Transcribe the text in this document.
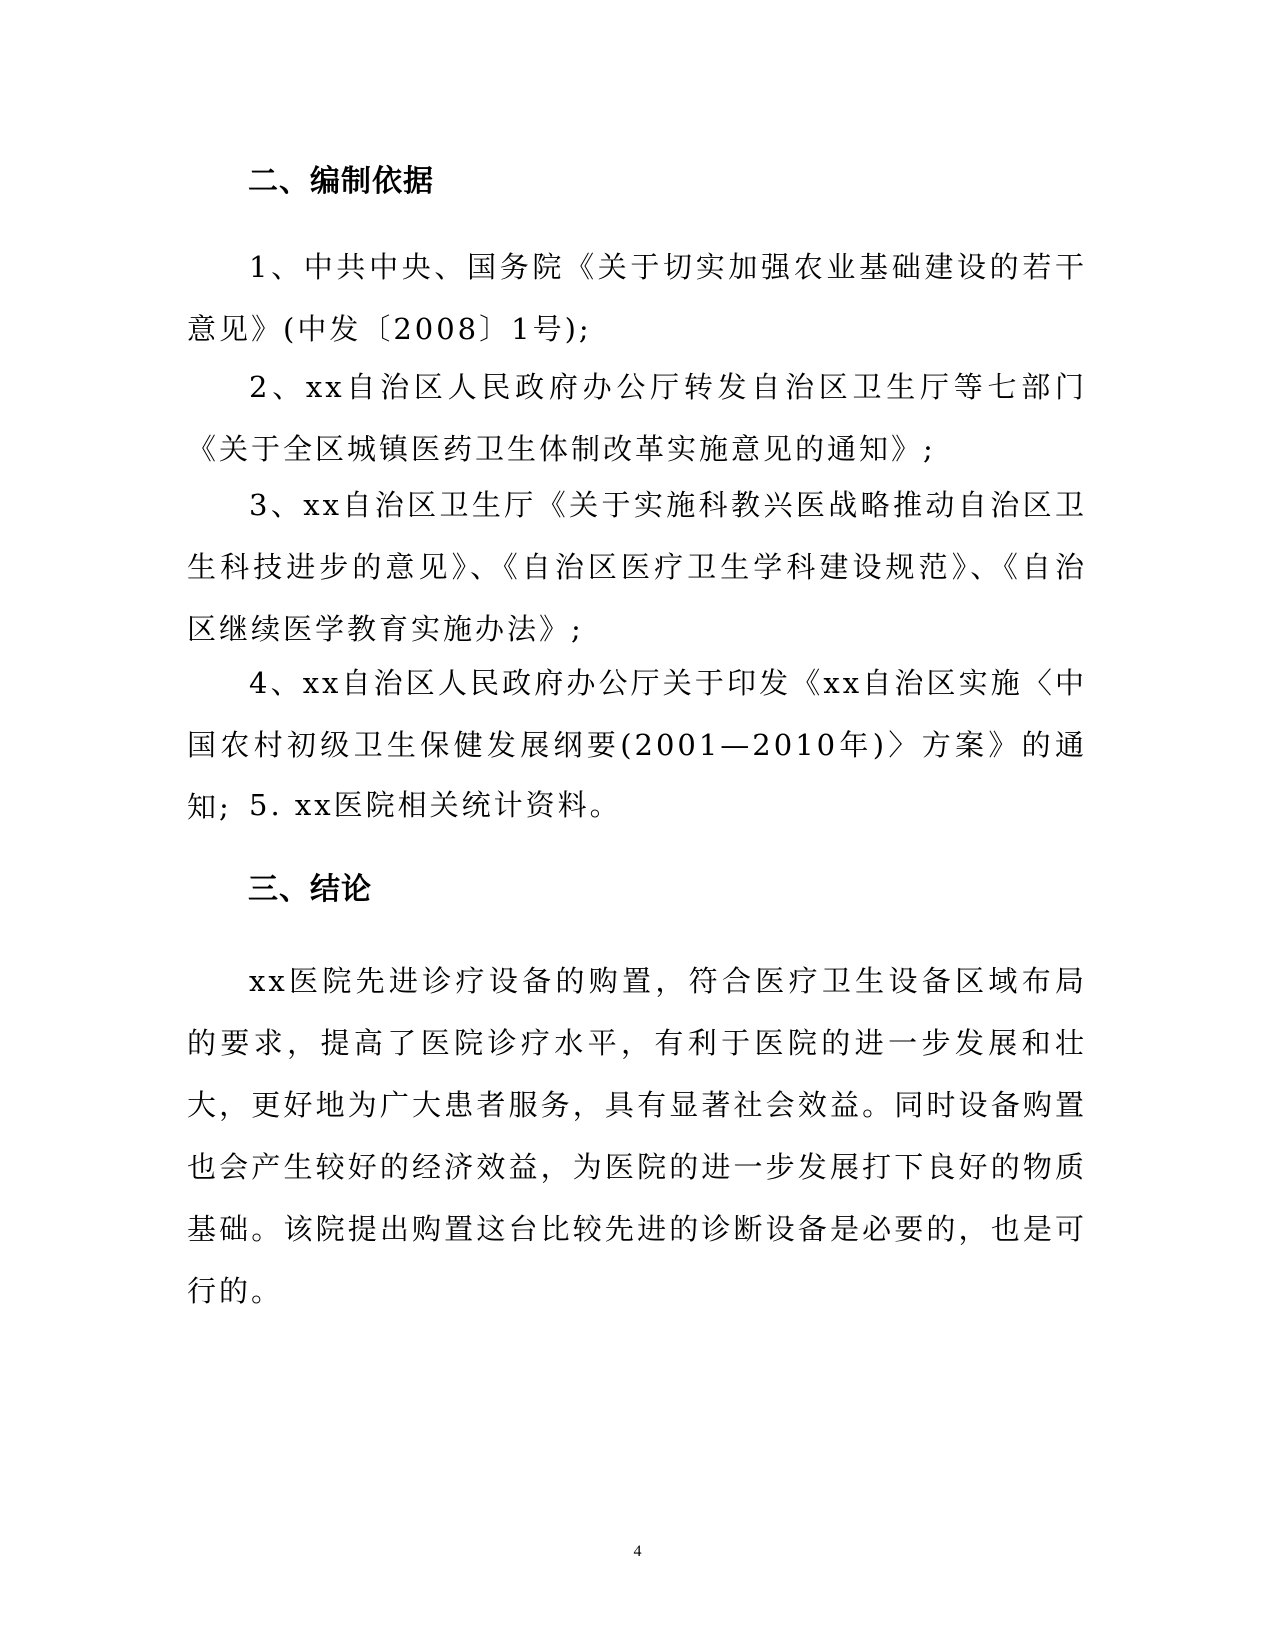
二、编制依据

1、中共中央、国务院《关于切实加强农业基础建设的若干意见》(中发〔2008〕1号);

2、xx自治区人民政府办公厅转发自治区卫生厅等七部门《关于全区城镇医药卫生体制改革实施意见的通知》;

3、xx自治区卫生厅《关于实施科教兴医战略推动自治区卫生科技进步的意见》、《自治区医疗卫生学科建设规范》、《自治区继续医学教育实施办法》;

4、xx自治区人民政府办公厅关于印发《xx自治区实施〈中国农村初级卫生保健发展纲要(2001—2010年)〉方案》的通知; 5. xx医院相关统计资料。

三、结论

xx医院先进诊疗设备的购置，符合医疗卫生设备区域布局的要求，提高了医院诊疗水平，有利于医院的进一步发展和壮大，更好地为广大患者服务，具有显著社会效益。同时设备购置也会产生较好的经济效益，为医院的进一步发展打下良好的物质基础。该院提出购置这台比较先进的诊断设备是必要的，也是可行的。

4
